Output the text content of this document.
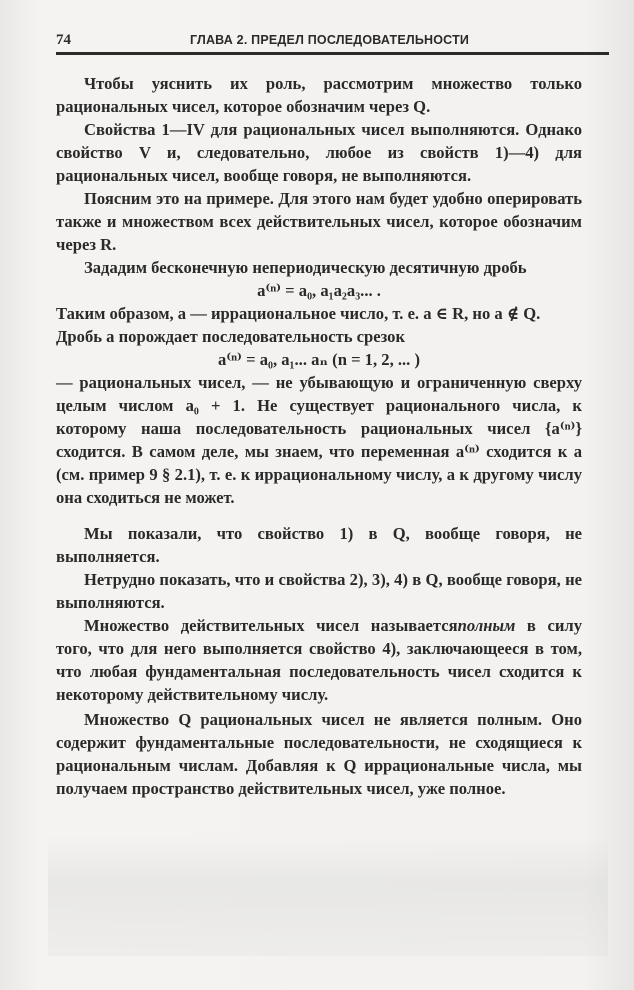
74	ГЛАВА 2. ПРЕДЕЛ ПОСЛЕДОВАТЕЛЬНОСТИ

Чтобы уяснить их роль, рассмотрим множество только рациональных чисел, которое обозначим через Q.

Свойства 1—IV для рациональных чисел выполняются. Однако свойство V и, следовательно, любое из свойств 1)—4) для рациональных чисел, вообще говоря, не выполняются.

Поясним это на примере. Для этого нам будет удобно оперировать также и множеством всех действительных чисел, которое обозначим через R.

Зададим бесконечную непериодическую десятичную дробь

a⁽ⁿ⁾ = a₀, a₁a₂a₃... .

Таким образом, a — иррациональное число, т. е. a ∈ R, но a ∉ Q.

Дробь a порождает последовательность срезок

a⁽ⁿ⁾ = a₀, a₁... aₙ (n = 1, 2, ... )

— рациональных чисел, — не убывающую и ограниченную сверху целым числом a₀ + 1. Не существует рационального числа, к которому наша последовательность рациональных чисел {a⁽ⁿ⁾} сходится. В самом деле, мы знаем, что переменная a⁽ⁿ⁾ сходится к a (см. пример 9 § 2.1), т. е. к иррациональному числу, а к другому числу она сходиться не может.

Мы показали, что свойство 1) в Q, вообще говоря, не выполняется.

Нетрудно показать, что и свойства 2), 3), 4) в Q, вообще говоря, не выполняются.

Множество действительных чисел называетсяполным в силу того, что для него выполняется свойство 4), заключающееся в том, что любая фундаментальная последовательность чисел сходится к некоторому действительному числу.

Множество Q рациональных чисел не является полным. Оно содержит фундаментальные последовательности, не сходящиеся к рациональным числам. Добавляя к Q иррациональные числа, мы получаем пространство действительных чисел, уже полное.
